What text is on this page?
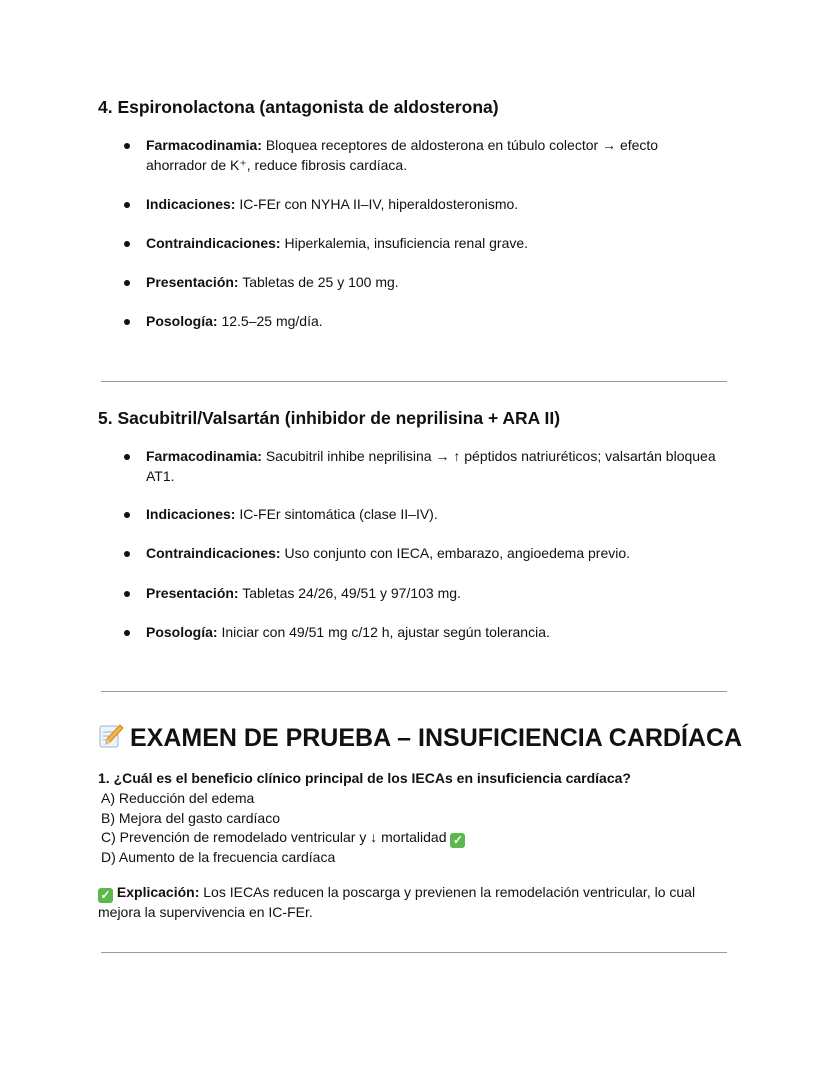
4. Espironolactona (antagonista de aldosterona)
Farmacodinamia: Bloquea receptores de aldosterona en túbulo colector → efecto ahorrador de K⁺, reduce fibrosis cardíaca.
Indicaciones: IC-FEr con NYHA II–IV, hiperaldosteronismo.
Contraindicaciones: Hiperkalemia, insuficiencia renal grave.
Presentación: Tabletas de 25 y 100 mg.
Posología: 12.5–25 mg/día.
5. Sacubitril/Valsartán (inhibidor de neprilisina + ARA II)
Farmacodinamia: Sacubitril inhibe neprilisina → ↑ péptidos natriuréticos; valsartán bloquea AT1.
Indicaciones: IC-FEr sintomática (clase II–IV).
Contraindicaciones: Uso conjunto con IECA, embarazo, angioedema previo.
Presentación: Tabletas 24/26, 49/51 y 97/103 mg.
Posología: Iniciar con 49/51 mg c/12 h, ajustar según tolerancia.
EXAMEN DE PRUEBA – INSUFICIENCIA CARDÍACA
1. ¿Cuál es el beneficio clínico principal de los IECAs en insuficiencia cardíaca?
A) Reducción del edema
B) Mejora del gasto cardíaco
C) Prevención de remodelado ventricular y ↓ mortalidad ✓
D) Aumento de la frecuencia cardíaca
✓ Explicación: Los IECAs reducen la poscarga y previenen la remodelación ventricular, lo cual mejora la supervivencia en IC-FEr.
